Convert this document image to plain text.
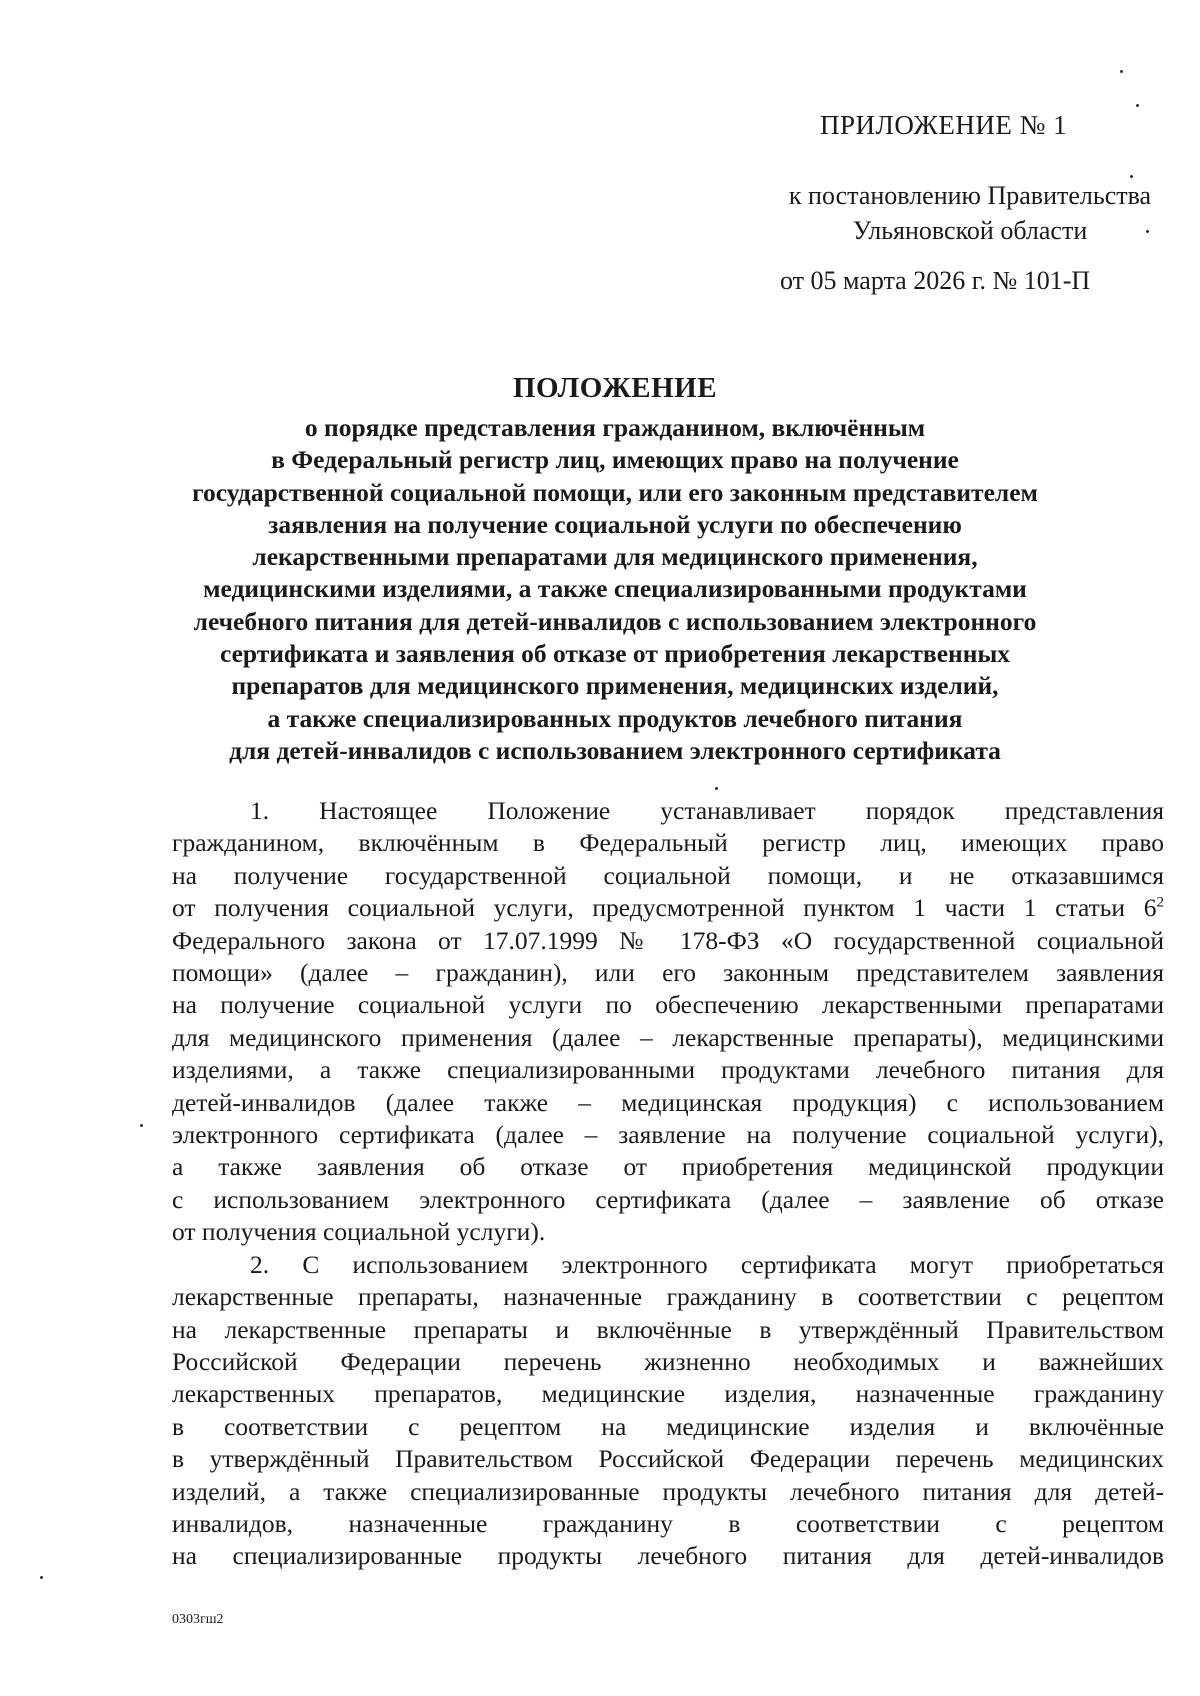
ПРИЛОЖЕНИЕ № 1
к постановлению Правительства
Ульяновской области
от 05 марта 2026 г. № 101-П
ПОЛОЖЕНИЕ
о порядке представления гражданином, включённым
в Федеральный регистр лиц, имеющих право на получение
государственной социальной помощи, или его законным представителем
заявления на получение социальной услуги по обеспечению
лекарственными препаратами для медицинского применения,
медицинскими изделиями, а также специализированными продуктами
лечебного питания для детей-инвалидов с использованием электронного
сертификата и заявления об отказе от приобретения лекарственных
препаратов для медицинского применения, медицинских изделий,
а также специализированных продуктов лечебного питания
для детей-инвалидов с использованием электронного сертификата
1. Настоящее Положение устанавливает порядок представления
гражданином, включённым в Федеральный регистр лиц, имеющих право
на получение государственной социальной помощи, и не отказавшимся
от получения социальной услуги, предусмотренной пунктом 1 части 1 статьи $6^2$
Федерального закона от 17.07.1999 № 178-ФЗ «О государственной социальной
помощи» (далее – гражданин), или его законным представителем заявления
на получение социальной услуги по обеспечению лекарственными препаратами
для медицинского применения (далее – лекарственные препараты), медицинскими
изделиями, а также специализированными продуктами лечебного питания для
детей-инвалидов (далее также – медицинская продукция) с использованием
электронного сертификата (далее – заявление на получение социальной услуги),
а также заявления об отказе от приобретения медицинской продукции
с использованием электронного сертификата (далее – заявление об отказе
от получения социальной услуги).
2. С использованием электронного сертификата могут приобретаться
лекарственные препараты, назначенные гражданину в соответствии с рецептом
на лекарственные препараты и включённые в утверждённый Правительством
Российской Федерации перечень жизненно необходимых и важнейших
лекарственных препаратов, медицинские изделия, назначенные гражданину
в соответствии с рецептом на медицинские изделия и включённые
в утверждённый Правительством Российской Федерации перечень медицинских
изделий, а также специализированные продукты лечебного питания для детей-
инвалидов, назначенные гражданину в соответствии с рецептом
на специализированные продукты лечебного питания для детей-инвалидов
0303гш2
